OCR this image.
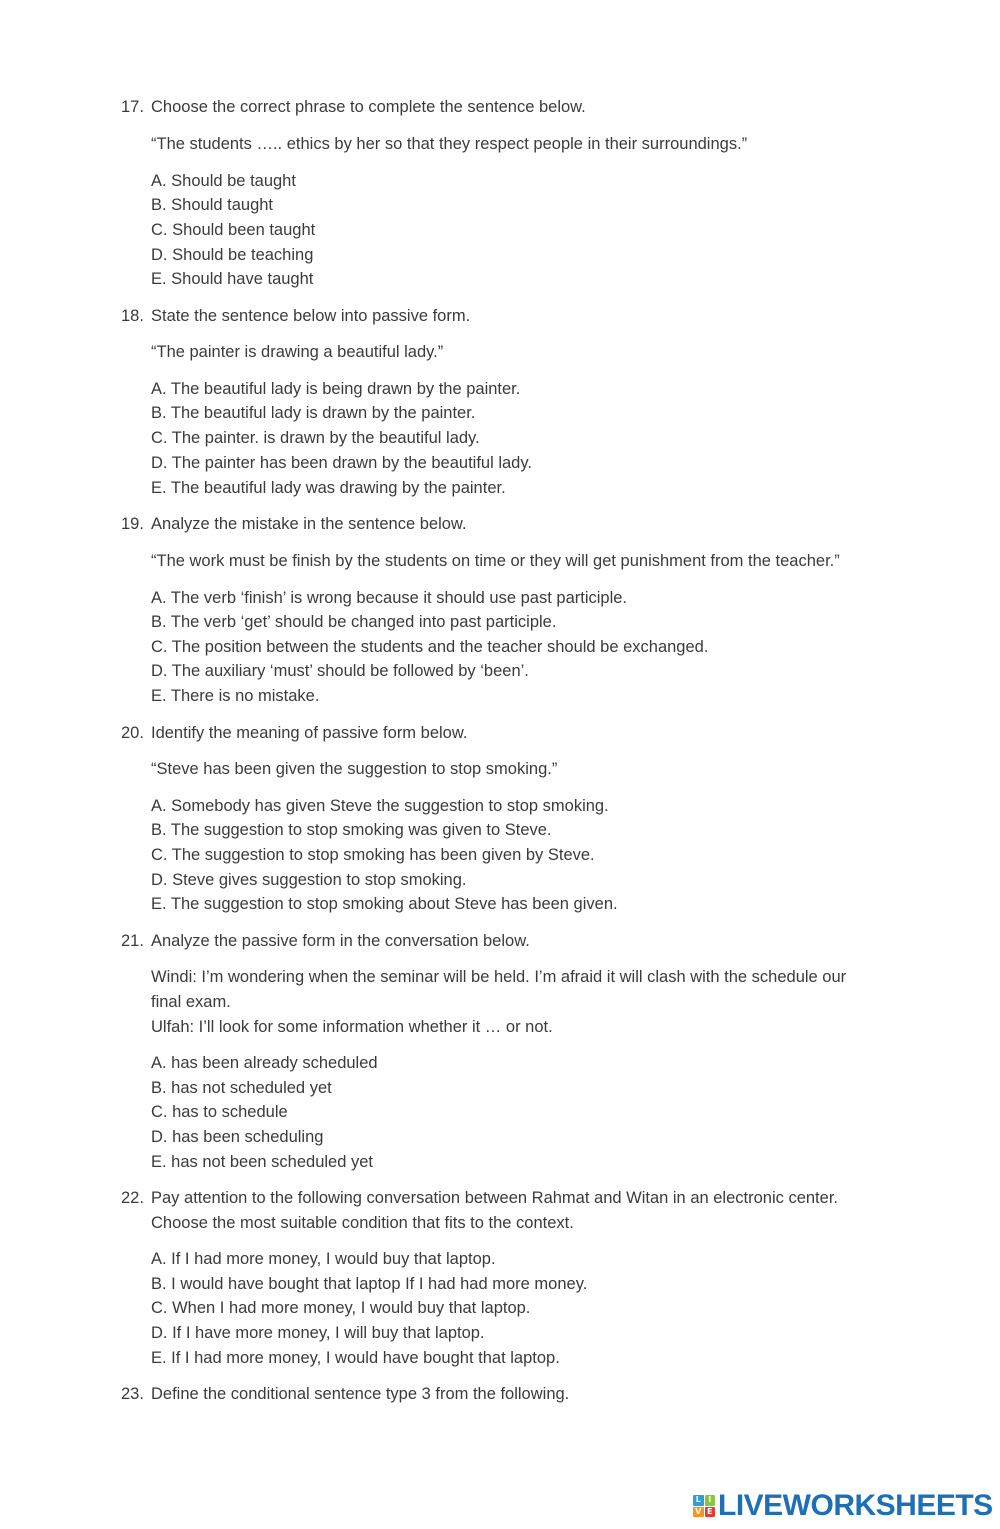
17. Choose the correct phrase to complete the sentence below.
“The students ….. ethics by her so that they respect people in their surroundings.”
A. Should be taught
B. Should taught
C. Should been taught
D. Should be teaching
E. Should have taught
18. State the sentence below into passive form.
“The painter is drawing a beautiful lady.”
A. The beautiful lady is being drawn by the painter.
B. The beautiful lady is drawn by the painter.
C. The painter. is drawn by the beautiful lady.
D. The painter has been drawn by the beautiful lady.
E. The beautiful lady was drawing by the painter.
19. Analyze the mistake in the sentence below.
“The work must be finish by the students on time or they will get punishment from the teacher.”
A. The verb ‘finish’ is wrong because it should use past participle.
B. The verb ‘get’ should be changed into past participle.
C. The position between the students and the teacher should be exchanged.
D. The auxiliary ‘must’ should be followed by ‘been’.
E. There is no mistake.
20. Identify the meaning of passive form below.
“Steve has been given the suggestion to stop smoking.”
A. Somebody has given Steve the suggestion to stop smoking.
B. The suggestion to stop smoking was given to Steve.
C. The suggestion to stop smoking has been given by Steve.
D. Steve gives suggestion to stop smoking.
E. The suggestion to stop smoking about Steve has been given.
21. Analyze the passive form in the conversation below.
Windi: I’m wondering when the seminar will be held. I’m afraid it will clash with the schedule our
final exam.
Ulfah: I’ll look for some information whether it … or not.
A. has been already scheduled
B. has not scheduled yet
C. has to schedule
D. has been scheduling
E. has not been scheduled yet
22. Pay attention to the following conversation between Rahmat and Witan in an electronic center.
Choose the most suitable condition that fits to the context.
A. If I had more money, I would buy that laptop.
B. I would have bought that laptop If I had had more money.
C. When I had more money, I would buy that laptop.
D. If I have more money, I will buy that laptop.
E. If I had more money, I would have bought that laptop.
23. Define the conditional sentence type 3 from the following.
L I
V E LIVEWORKSHEETS
